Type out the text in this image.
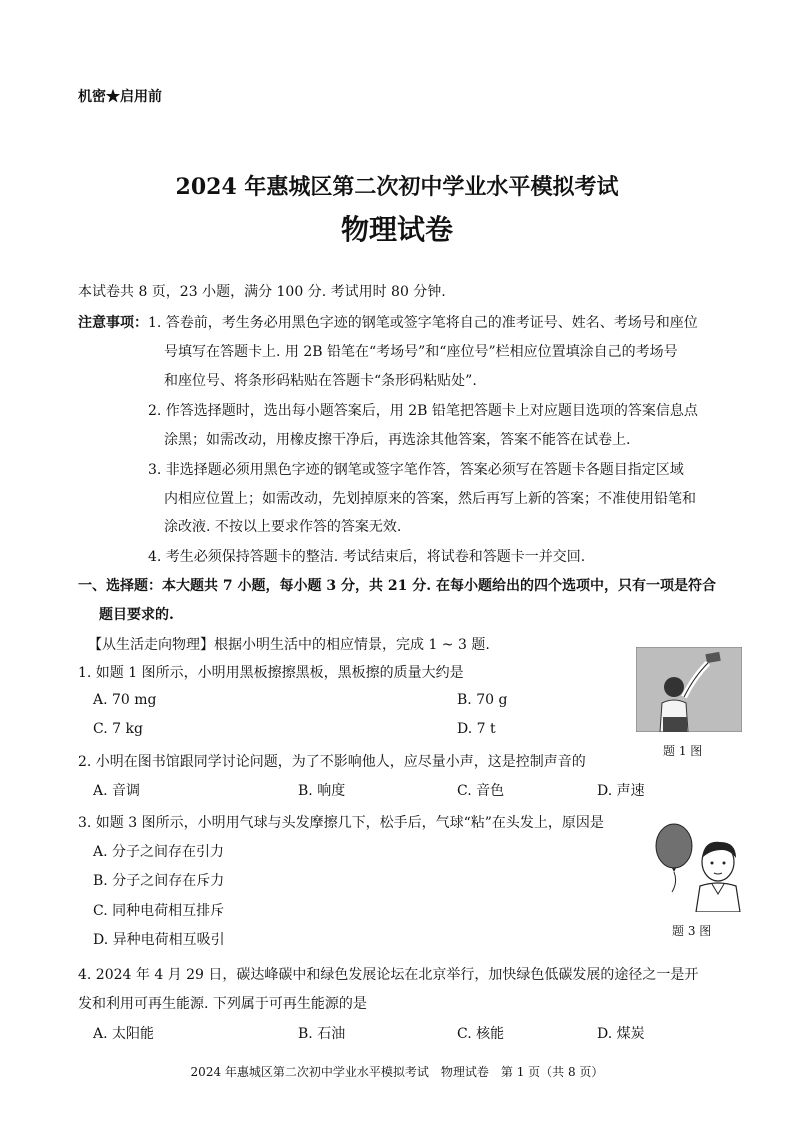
机密★启用前
2024 年惠城区第二次初中学业水平模拟考试
物理试卷
本试卷共 8 页，23 小题，满分 100 分. 考试用时 80 分钟.
注意事项： 1. 答卷前，考生务必用黑色字迹的钢笔或签字笔将自己的准考证号、姓名、考场号和座位
号填写在答题卡上. 用 2B 铅笔在“考场号”和“座位号”栏相应位置填涂自己的考场号
和座位号、将条形码粘贴在答题卡“条形码粘贴处”.
2. 作答选择题时，选出每小题答案后，用 2B 铅笔把答题卡上对应题目选项的答案信息点
涂黑；如需改动，用橡皮擦干净后，再选涂其他答案，答案不能答在试卷上.
3. 非选择题必须用黑色字迹的钢笔或签字笔作答，答案必须写在答题卡各题目指定区域
内相应位置上；如需改动，先划掉原来的答案，然后再写上新的答案；不准使用铅笔和
涂改液. 不按以上要求作答的答案无效.
4. 考生必须保持答题卡的整洁. 考试结束后，将试卷和答题卡一并交回.
一、选择题：本大题共 7 小题，每小题 3 分，共 21 分. 在每小题给出的四个选项中，只有一项是符合
题目要求的.
【从生活走向物理】根据小明生活中的相应情景，完成 1 ~ 3 题.
1. 如题 1 图所示，小明用黑板擦擦黑板，黑板擦的质量大约是
A. 70 mg	B. 70 g
C. 7 kg	D. 7 t
题 1 图
2. 小明在图书馆跟同学讨论问题，为了不影响他人，应尽量小声，这是控制声音的
A. 音调	B. 响度	C. 音色	D. 声速
3. 如题 3 图所示，小明用气球与头发摩擦几下，松手后，气球“粘”在头发上，原因是
A. 分子之间存在引力
B. 分子之间存在斥力
C. 同种电荷相互排斥
D. 异种电荷相互吸引
题 3 图
4. 2024 年 4 月 29 日，碳达峰碳中和绿色发展论坛在北京举行，加快绿色低碳发展的途径之一是开
发和利用可再生能源. 下列属于可再生能源的是
A. 太阳能	B. 石油	C. 核能	D. 煤炭
2024 年惠城区第二次初中学业水平模拟考试　物理试卷　第 1 页（共 8 页）
